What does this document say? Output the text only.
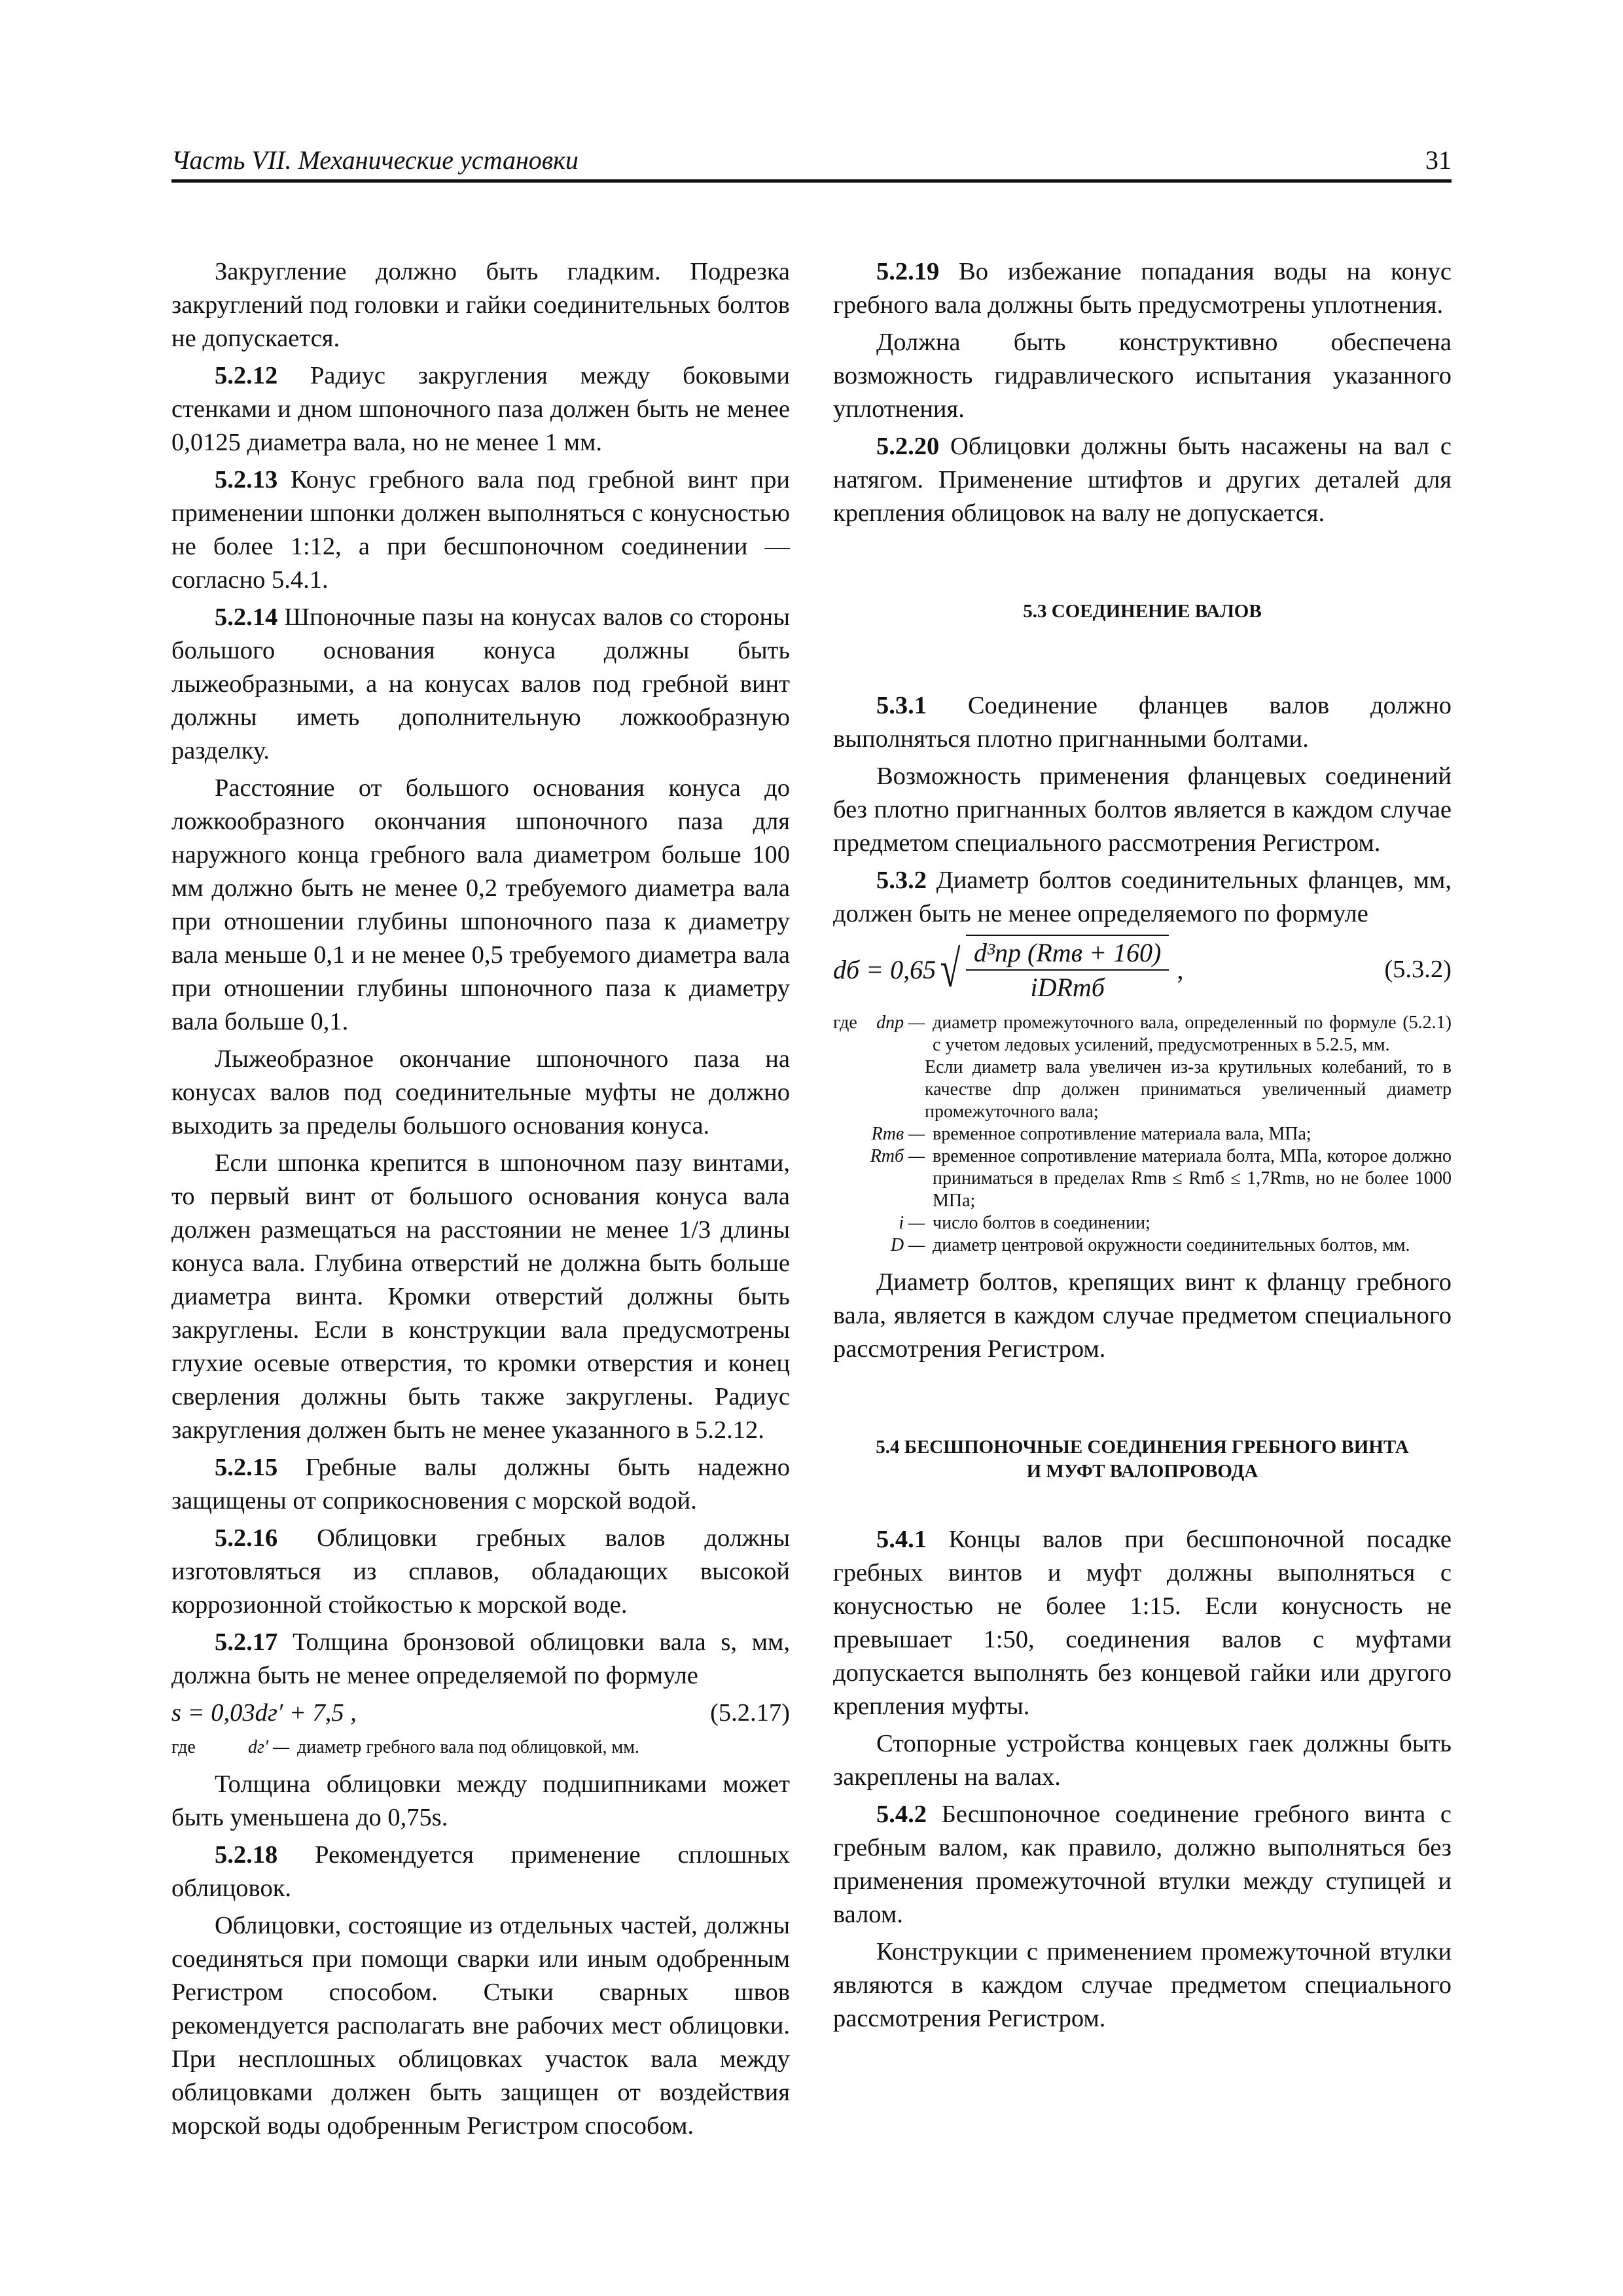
Часть VII. Механические установки	31

Закругление должно быть гладким. Подрезка закруглений под головки и гайки соединительных болтов не допускается.

5.2.12 Радиус закругления между боковыми стенками и дном шпоночного паза должен быть не менее 0,0125 диаметра вала, но не менее 1 мм.

5.2.13 Конус гребного вала под гребной винт при применении шпонки должен выполняться с конусностью не более 1:12, а при бесшпоночном соединении — согласно 5.4.1.

5.2.14 Шпоночные пазы на конусах валов со стороны большого основания конуса должны быть лыжеобразными, а на конусах валов под гребной винт должны иметь дополнительную ложкообразную разделку.

Расстояние от большого основания конуса до ложкообразного окончания шпоночного паза для наружного конца гребного вала диаметром больше 100 мм должно быть не менее 0,2 требуемого диаметра вала при отношении глубины шпоночного паза к диаметру вала меньше 0,1 и не менее 0,5 требуемого диаметра вала при отношении глубины шпоночного паза к диаметру вала больше 0,1.

Лыжеобразное окончание шпоночного паза на конусах валов под соединительные муфты не должно выходить за пределы большого основания конуса.

Если шпонка крепится в шпоночном пазу винтами, то первый винт от большого основания конуса вала должен размещаться на расстоянии не менее 1/3 длины конуса вала. Глубина отверстий не должна быть больше диаметра винта. Кромки отверстий должны быть закруглены. Если в конструкции вала предусмотрены глухие осевые отверстия, то кромки отверстия и конец сверления должны быть также закруглены. Радиус закругления должен быть не менее указанного в 5.2.12.

5.2.15 Гребные валы должны быть надежно защищены от соприкосновения с морской водой.

5.2.16 Облицовки гребных валов должны изготовляться из сплавов, обладающих высокой коррозионной стойкостью к морской воде.

5.2.17 Толщина бронзовой облицовки вала s, мм, должна быть не менее определяемой по формуле

s = 0,03dг′ + 7,5 ,	(5.2.17)
где	dг′ — диаметр гребного вала под облицовкой, мм.

Толщина облицовки между подшипниками может быть уменьшена до 0,75s.

5.2.18 Рекомендуется применение сплошных облицовок.

Облицовки, состоящие из отдельных частей, должны соединяться при помощи сварки или иным одобренным Регистром способом. Стыки сварных швов рекомендуется располагать вне рабочих мест облицовки. При несплошных облицовках участок вала между облицовками должен быть защищен от воздействия морской воды одобренным Регистром способом.

5.2.19 Во избежание попадания воды на конус гребного вала должны быть предусмотрены уплотнения.

Должна быть конструктивно обеспечена возможность гидравлического испытания указанного уплотнения.

5.2.20 Облицовки должны быть насажены на вал с натягом. Применение штифтов и других деталей для крепления облицовок на валу не допускается.

5.3 СОЕДИНЕНИЕ ВАЛОВ

5.3.1 Соединение фланцев валов должно выполняться плотно пригнанными болтами.

Возможность применения фланцевых соединений без плотно пригнанных болтов является в каждом случае предметом специального рассмотрения Регистром.

5.3.2 Диаметр болтов соединительных фланцев, мм, должен быть не менее определяемого по формуле

dб = 0,65 √ $\frac{\text{d³пр (Rmв + 160)}}{\text{iDRmб}}$ ,	(5.3.2)
где	dпр — диаметр промежуточного вала, определенный по формуле (5.2.1) с учетом ледовых усилений, предусмотренных в 5.2.5, мм.
Если диаметр вала увеличен из-за крутильных колебаний, то в качестве dпр должен приниматься увеличенный диаметр промежуточного вала;
Rmв — временное сопротивление материала вала, МПа;
Rmб — временное сопротивление материала болта, МПа, которое должно приниматься в пределах Rmв ≤ Rmб ≤ 1,7Rmв, но не более 1000 МПа;
i — число болтов в соединении;
D — диаметр центровой окружности соединительных болтов, мм.

Диаметр болтов, крепящих винт к фланцу гребного вала, является в каждом случае предметом специального рассмотрения Регистром.

5.4 БЕСШПОНОЧНЫЕ СОЕДИНЕНИЯ ГРЕБНОГО ВИНТА
И МУФТ ВАЛОПРОВОДА

5.4.1 Концы валов при бесшпоночной посадке гребных винтов и муфт должны выполняться с конусностью не более 1:15. Если конусность не превышает 1:50, соединения валов с муфтами допускается выполнять без концевой гайки или другого крепления муфты.

Стопорные устройства концевых гаек должны быть закреплены на валах.

5.4.2 Бесшпоночное соединение гребного винта с гребным валом, как правило, должно выполняться без применения промежуточной втулки между ступицей и валом.

Конструкции с применением промежуточной втулки являются в каждом случае предметом специального рассмотрения Регистром.
